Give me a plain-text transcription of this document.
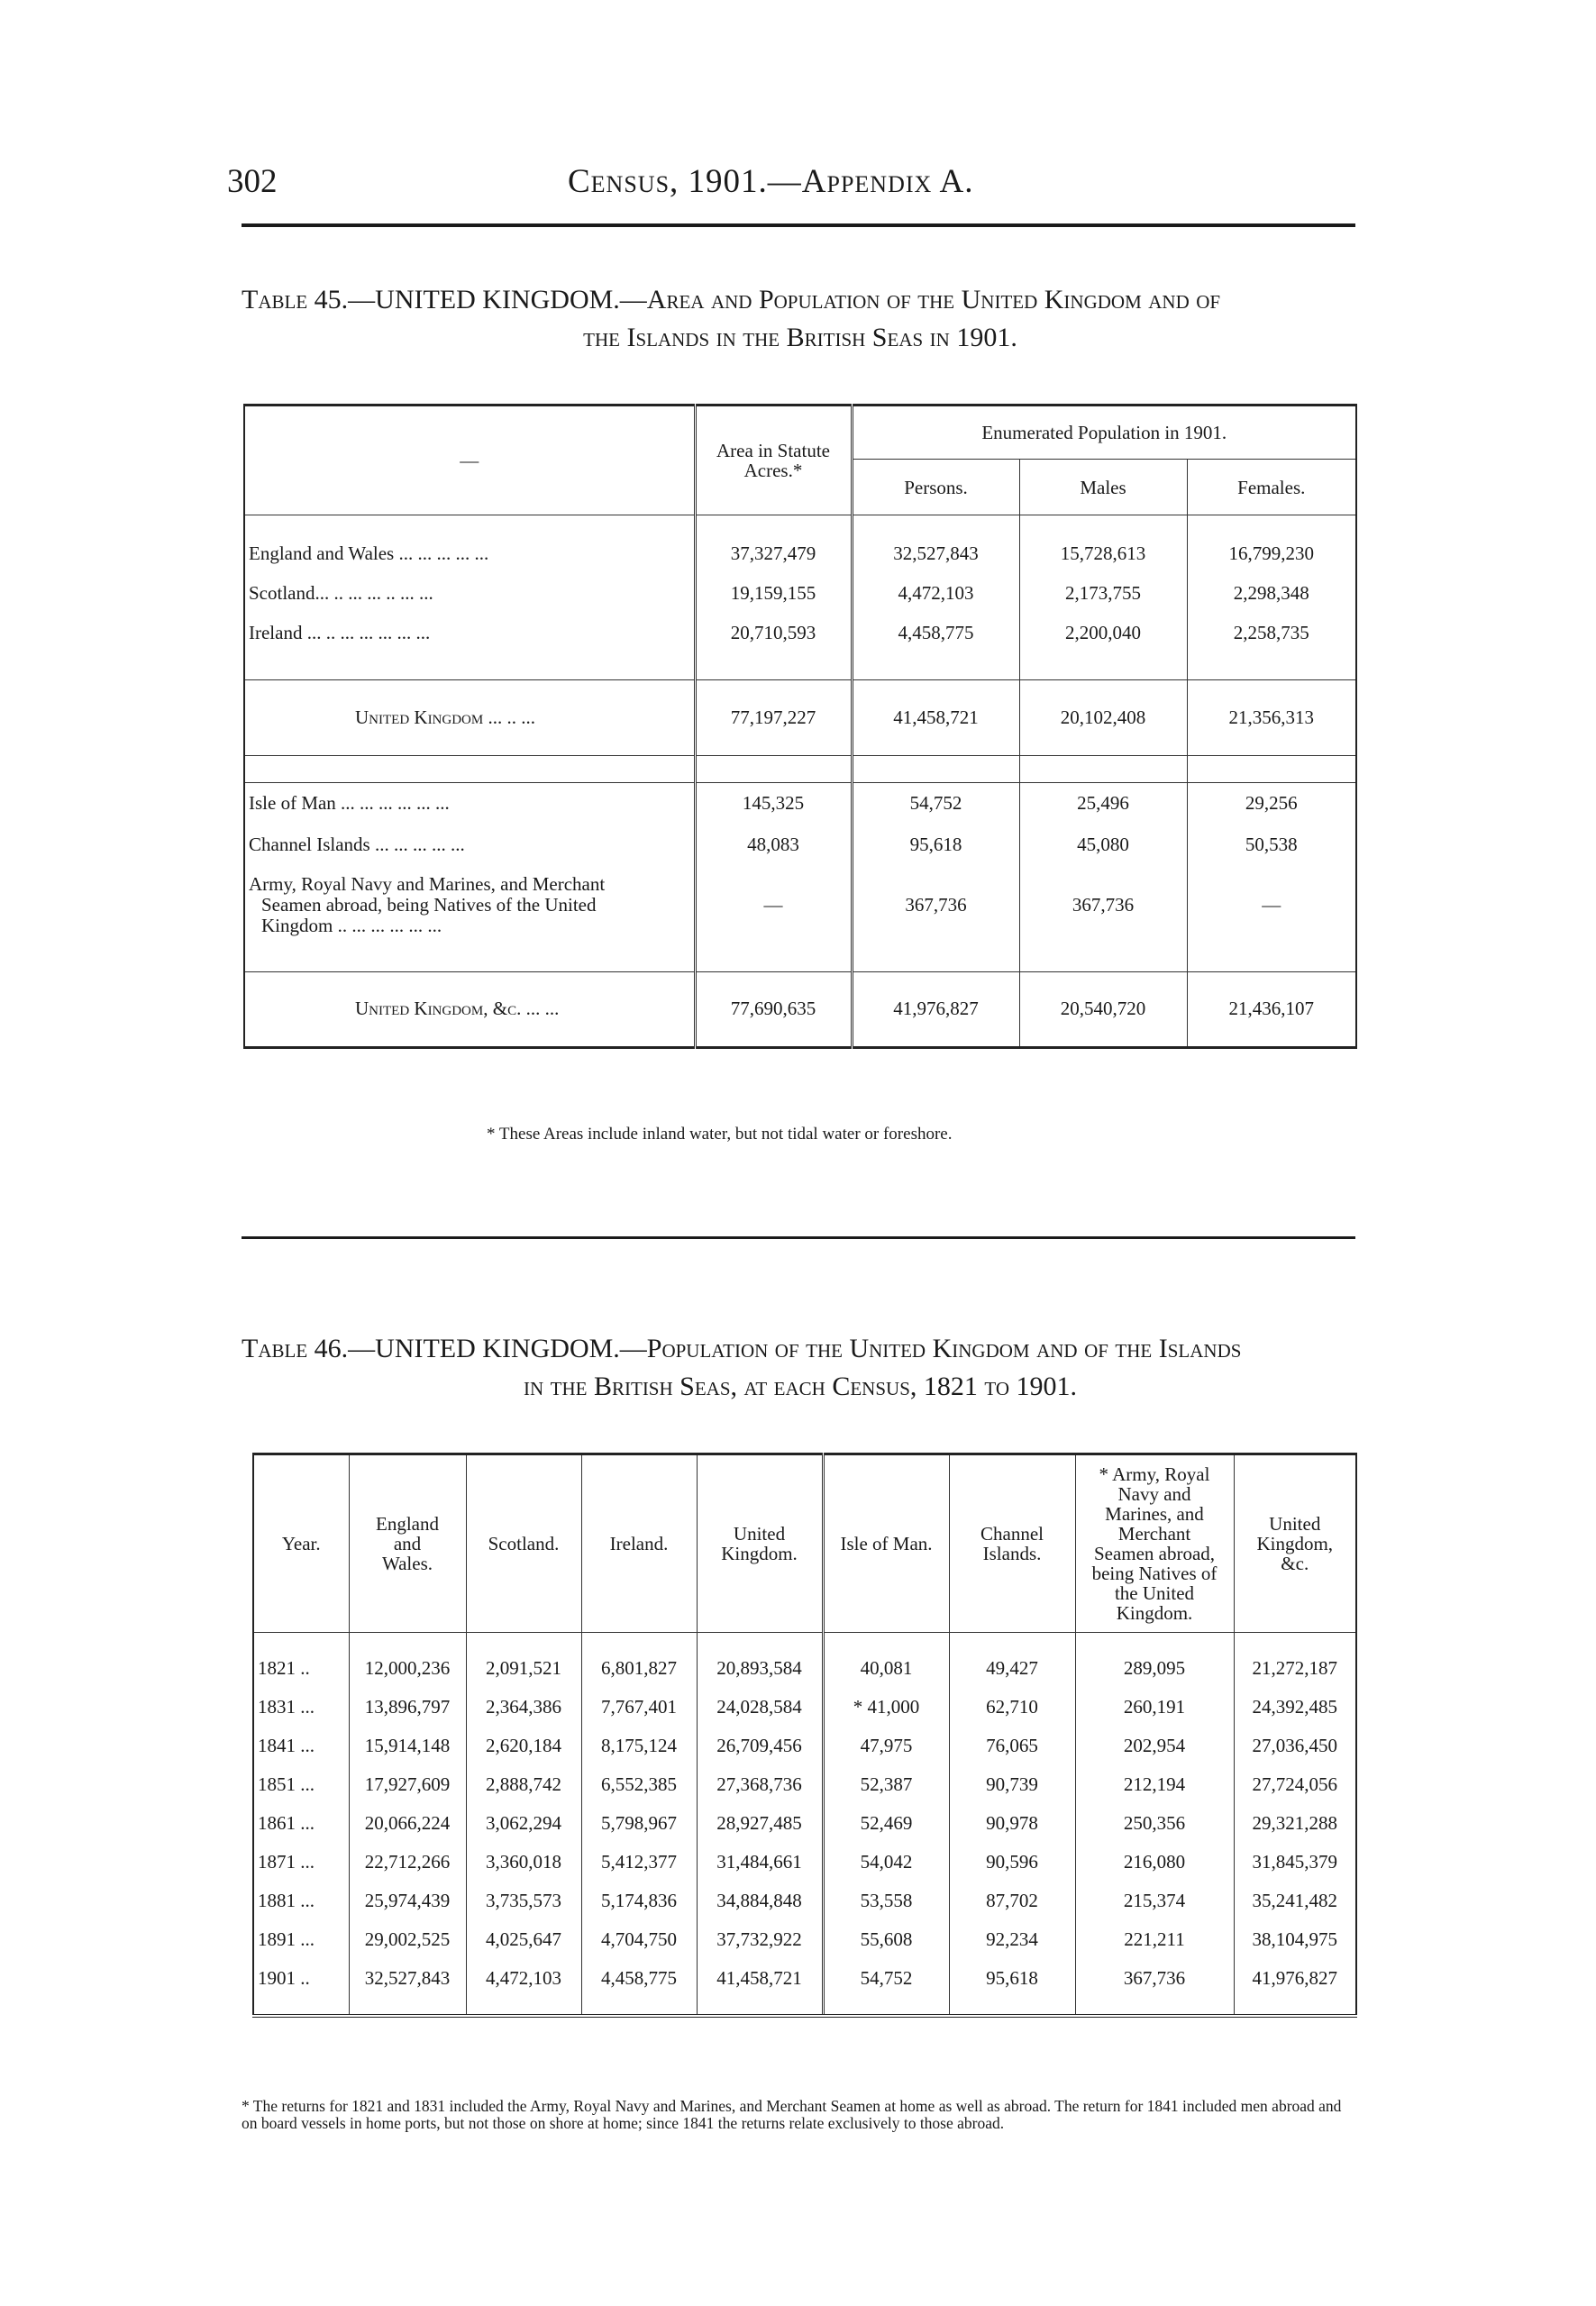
302	Census, 1901.—Appendix A.
Table 45.—UNITED KINGDOM.—Area and Population of the United Kingdom and of
the Islands in the British Seas in 1901.
—	Area in Statute Acres.*	Enumerated Population in 1901.		
		Persons.	Males	Females.

England and Wales ... ... ... ... ...	37,327,479	32,527,843	15,728,613	16,799,230
Scotland... .. ... ... .. ... ...	19,159,155	4,472,103	2,173,755	2,298,348
Ireland ... .. ... ... ... ... ...	20,710,593	4,458,775	2,200,040	2,258,735

United Kingdom ... .. ...	77,197,227	41,458,721	20,102,408	21,356,313

Isle of Man ... ... ... ... ... ...	145,325	54,752	25,496	29,256
Channel Islands ... ... ... ... ...	48,083	95,618	45,080	50,538

Army, Royal Navy and Marines, and Merchant
Seamen abroad, being Natives of the United
Kingdom .. ... ... ... ... ...	—	367,736	367,736	—

United Kingdom, &c. ... ...	77,690,635	41,976,827	20,540,720	21,436,107
* These Areas include inland water, but not tidal water or foreshore.
Table 46.—UNITED KINGDOM.—Population of the United Kingdom and of the Islands
in the British Seas, at each Census, 1821 to 1901.
Year.	England and Wales.	Scotland.	Ireland.	United Kingdom.	Isle of Man.	Channel Islands.	* Army, Royal Navy and Marines, and Merchant Seamen abroad, being Natives of the United Kingdom.	United Kingdom, &c.

1821 ..	12,000,236	2,091,521	6,801,827	20,893,584	40,081	49,427	289,095	21,272,187
1831 ...	13,896,797	2,364,386	7,767,401	24,028,584	* 41,000	62,710	260,191	24,392,485
1841 ...	15,914,148	2,620,184	8,175,124	26,709,456	47,975	76,065	202,954	27,036,450
1851 ...	17,927,609	2,888,742	6,552,385	27,368,736	52,387	90,739	212,194	27,724,056
1861 ...	20,066,224	3,062,294	5,798,967	28,927,485	52,469	90,978	250,356	29,321,288
1871 ...	22,712,266	3,360,018	5,412,377	31,484,661	54,042	90,596	216,080	31,845,379
1881 ...	25,974,439	3,735,573	5,174,836	34,884,848	53,558	87,702	215,374	35,241,482
1891 ...	29,002,525	4,025,647	4,704,750	37,732,922	55,608	92,234	221,211	38,104,975
1901 ..	32,527,843	4,472,103	4,458,775	41,458,721	54,752	95,618	367,736	41,976,827

* The returns for 1821 and 1831 included the Army, Royal Navy and Marines, and Merchant Seamen at home as well as abroad. The return for 1841 included men abroad and on board vessels in home ports, but not those on shore at home; since 1841 the returns relate exclusively to those abroad.
